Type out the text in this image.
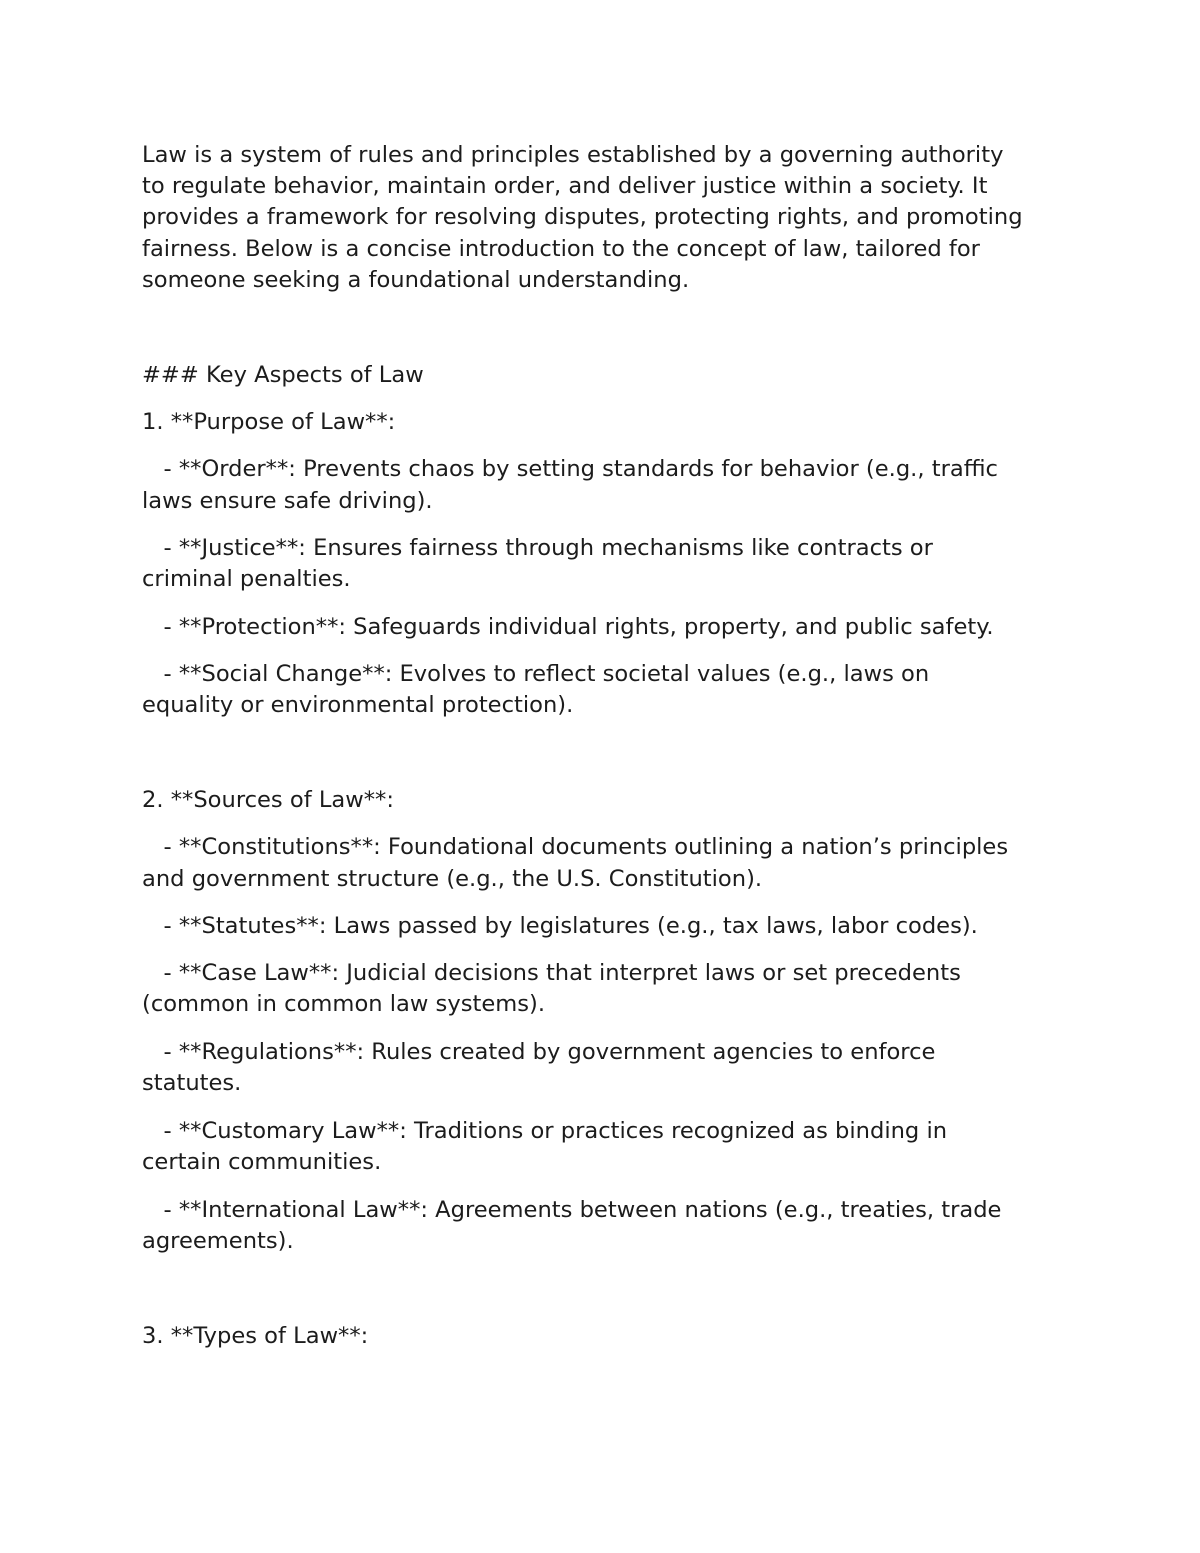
Law is a system of rules and principles established by a governing authority

to regulate behavior, maintain order, and deliver justice within a society. It

provides a framework for resolving disputes, protecting rights, and promoting

fairness. Below is a concise introduction to the concept of law, tailored for

someone seeking a foundational understanding.

### Key Aspects of Law

1. **Purpose of Law**:

- **Order**: Prevents chaos by setting standards for behavior (e.g., traffic

laws ensure safe driving).

- **Justice**: Ensures fairness through mechanisms like contracts or

criminal penalties.

- **Protection**: Safeguards individual rights, property, and public safety.

- **Social Change**: Evolves to reflect societal values (e.g., laws on

equality or environmental protection).

2. **Sources of Law**:

- **Constitutions**: Foundational documents outlining a nation’s principles

and government structure (e.g., the U.S. Constitution).

- **Statutes**: Laws passed by legislatures (e.g., tax laws, labor codes).

- **Case Law**: Judicial decisions that interpret laws or set precedents

(common in common law systems).

- **Regulations**: Rules created by government agencies to enforce

statutes.

- **Customary Law**: Traditions or practices recognized as binding in

certain communities.

- **International Law**: Agreements between nations (e.g., treaties, trade

agreements).

3. **Types of Law**:
